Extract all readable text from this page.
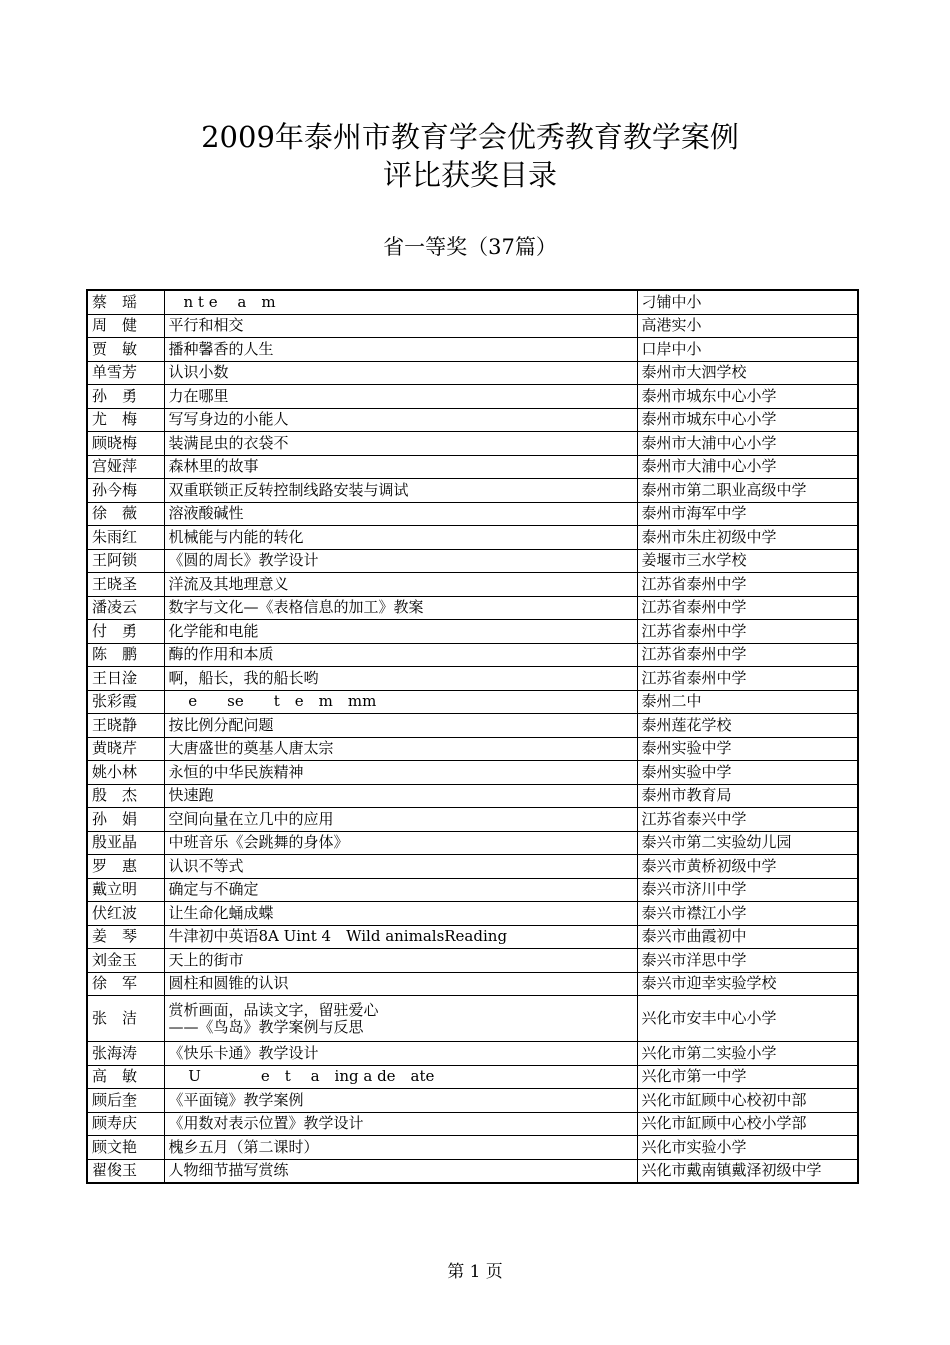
2009年泰州市教育学会优秀教育教学案例
评比获奖目录
省一等奖（37篇）
蔡　瑶	　n t e　 a　m	刁铺中小
周　健	平行和相交	高港实小
贾　敏	播种馨香的人生	口岸中小
单雪芳	认识小数	泰州市大泗学校
孙　勇	力在哪里	泰州市城东中心小学
尤　梅	写写身边的小能人	泰州市城东中心小学
顾晓梅	装满昆虫的衣袋不	泰州市大浦中心小学
宫娅萍	森林里的故事	泰州市大浦中心小学
孙今梅	双重联锁正反转控制线路安装与调试	泰州市第二职业高级中学
徐　薇	溶液酸碱性	泰州市海军中学
朱雨红	机械能与内能的转化	泰州市朱庄初级中学
王阿锁	《圆的周长》教学设计	姜堰市三水学校
王晓圣	洋流及其地理意义	江苏省泰州中学
潘凌云	数字与文化—《表格信息的加工》教案	江苏省泰州中学
付　勇	化学能和电能	江苏省泰州中学
陈　鹏	酶的作用和本质	江苏省泰州中学
王日淦	啊，船长，我的船长哟	江苏省泰州中学
张彩霞	　 e　　se　　t　e　m　mm	泰州二中
王晓静	按比例分配问题	泰州莲花学校
黄晓芹	大唐盛世的奠基人唐太宗	泰州实验中学
姚小林	永恒的中华民族精神	泰州实验中学
殷　杰	快速跑	泰州市教育局
孙　娟	空间向量在立几中的应用	江苏省泰兴中学
殷亚晶	中班音乐《会跳舞的身体》	泰兴市第二实验幼儿园
罗　惠	认识不等式	泰兴市黄桥初级中学
戴立明	确定与不确定	泰兴市济川中学
伏红波	让生命化蛹成蝶	泰兴市襟江小学
姜　琴	牛津初中英语8A Uint 4　Wild animalsReading	泰兴市曲霞初中
刘金玉	天上的街市	泰兴市洋思中学
徐　军	圆柱和圆锥的认识	泰兴市迎幸实验学校
张　洁	赏析画面，品读文字，留驻爱心
——《鸟岛》教学案例与反思	兴化市安丰中心小学
张海涛	《快乐卡通》教学设计	兴化市第二实验小学
高　敏	　 U　　　　e　t　 a　ing a de　ate	兴化市第一中学
顾后奎	《平面镜》教学案例	兴化市缸顾中心校初中部
顾寿庆	《用数对表示位置》教学设计	兴化市缸顾中心校小学部
顾文艳	槐乡五月（第二课时）	兴化市实验小学
翟俊玉	人物细节描写赏练	兴化市戴南镇戴泽初级中学
第 1 页
